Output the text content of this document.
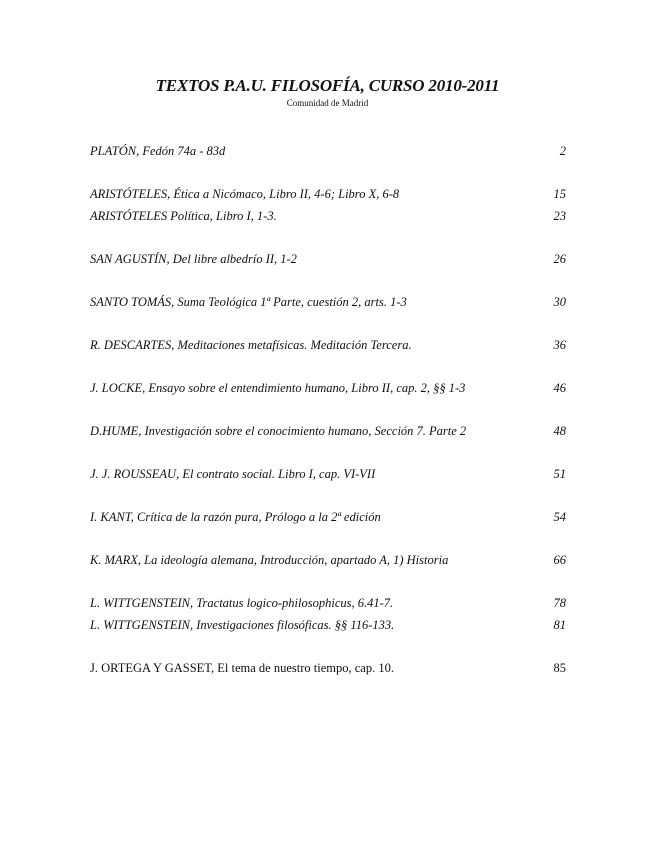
TEXTOS P.A.U. FILOSOFÍA, CURSO 2010-2011
Comunidad de Madrid
PLATÓN, Fedón 74a - 83d	2
ARISTÓTELES, Ética a Nicómaco, Libro II, 4-6; Libro X, 6-8	15
ARISTÓTELES Política, Libro I, 1-3.	23
SAN AGUSTÍN, Del libre albedrío II, 1-2	26
SANTO TOMÁS, Suma Teológica 1ª Parte, cuestión 2, arts. 1-3	30
R. DESCARTES, Meditaciones metafísicas. Meditación Tercera.	36
J. LOCKE, Ensayo sobre el entendimiento humano, Libro II, cap. 2, §§ 1-3	46
D.HUME, Investigación sobre el conocimiento humano, Sección 7. Parte 2	48
J. J. ROUSSEAU, El contrato social. Libro I, cap. VI-VII	51
I. KANT, Crítica de la razón pura, Prólogo a la 2ª edición	54
K. MARX, La ideología alemana, Introducción, apartado A, 1) Historia	66
L. WITTGENSTEIN, Tractatus logico-philosophicus, 6.41-7.	78
L. WITTGENSTEIN, Investigaciones filosóficas. §§ 116-133.	81
J. ORTEGA Y GASSET, El tema de nuestro tiempo, cap. 10.	85
